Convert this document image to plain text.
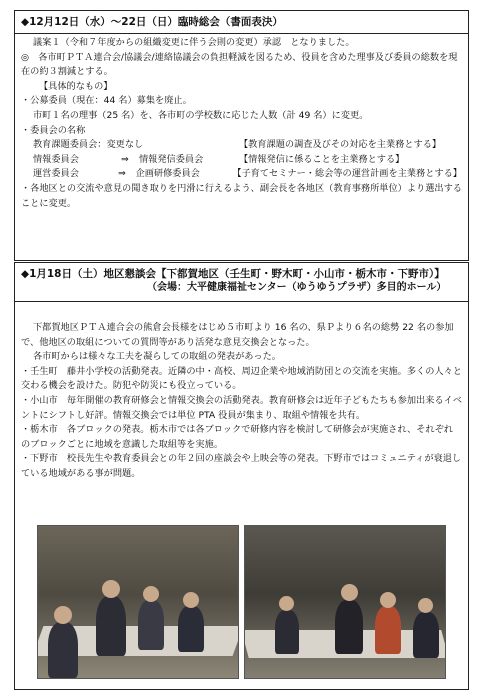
◆12月12日（水）～22日（日）臨時総会（書面表決）
議案１（令和７年度からの組織変更に伴う会則の変更）承認　となりました。
◎　各市町ＰＴＡ連合会/協議会/連絡協議会の負担軽減を図るため、役員を含めた理事及び委員の総数を現在の約３割減とする。
【具体的なもの】
・公募委員（現在：44 名）募集を廃止。
市町１名の理事（25 名）を、各市町の学校数に応じた人数（計 49 名）に変更。
・委員会の名称
教育課題委員会：変更なし	【教育課題の調査及びその対応を主業務とする】
情報委員会	⇒	情報発信委員会	【情報発信に係ることを主業務とする】
運営委員会	⇒	企画研修委員会	【子育てセミナー・総会等の運営計画を主業務とする】
・各地区との交流や意見の聞き取りを円滑に行えるよう、副会長を各地区（教育事務所単位）より選出することに変更。
◆1月18日（土）地区懇談会【下都賀地区（壬生町・野木町・小山市・栃木市・下野市）】
（会場：大平健康福祉センター（ゆうゆうプラザ）多目的ホール）
下都賀地区ＰＴＡ連合会の熊倉会長様をはじめ５市町より 16 名の、県Ｐより６名の総勢 22 名の参加で、他地区の取組についての質問等があり活発な意見交換会となった。
各市町からは様々な工夫を凝らしての取組の発表があった。
・壬生町　藤井小学校の活動発表。近隣の中・高校、周辺企業や地域消防団との交流を実施。多くの人々と交わる機会を設けた。防犯や防災にも役立っている。
・小山市　毎年開催の教育研修会と情報交換会の活動発表。教育研修会は近年子どもたちも参加出来るイベントにシフトし好評。情報交換会では単位 PTA 役員が集まり、取組や情報を共有。
・栃木市　各ブロックの発表。栃木市では各ブロックで研修内容を検討して研修会が実施され、それぞれのブロックごとに地域を意識した取組等を実施。
・下野市　校長先生や教育委員会との年２回の座談会や上映会等の発表。下野市ではコミュニティが衰退している地域がある事が問題。
